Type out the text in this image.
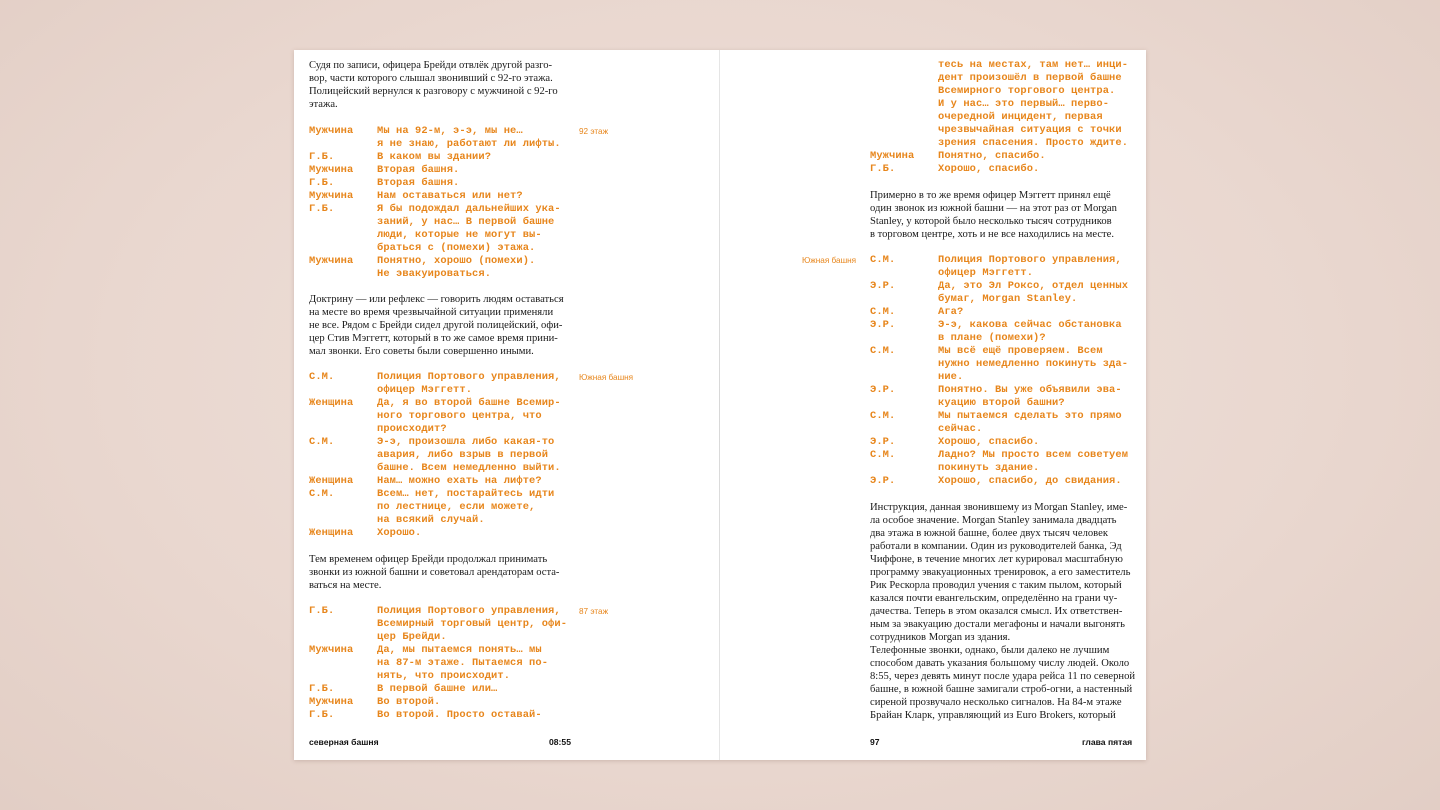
Судя по записи, офицера Брейди отвлёк другой разго-
вор, части которого слышал звонивший с 92-го этажа.
Полицейский вернулся к разговору с мужчиной с 92-го
этажа.
Мужчина	Мы на 92-м, э-э, мы не…
я не знаю, работают ли лифты.
Г.Б.	В каком вы здании?
Мужчина	Вторая башня.
Г.Б.	Вторая башня.
Мужчина	Нам оставаться или нет?
Г.Б.	Я бы подождал дальнейших ука-
заний, у нас… В первой башне
люди, которые не могут вы-
браться с (помехи) этажа.
Мужчина	Понятно, хорошо (помехи).
Не эвакуироваться.
92 этаж
Доктрину — или рефлекс — говорить людям оставаться
на месте во время чрезвычайной ситуации применяли
не все. Рядом с Брейди сидел другой полицейский, офи-
цер Стив Мэггетт, который в то же самое время прини-
мал звонки. Его советы были совершенно иными.
С.М.	Полиция Портового управления,
офицер Мэггетт.
Женщина	Да, я во второй башне Всемир-
ного торгового центра, что
происходит?
С.М.	Э-э, произошла либо какая-то
авария, либо взрыв в первой
башне. Всем немедленно выйти.
Женщина	Нам… можно ехать на лифте?
С.М.	Всем… нет, постарайтесь идти
по лестнице, если можете,
на всякий случай.
Женщина	Хорошо.
Южная башня
Тем временем офицер Брейди продолжал принимать
звонки из южной башни и советовал арендаторам оста-
ваться на месте.
Г.Б.	Полиция Портового управления,
Всемирный торговый центр, офи-
цер Брейди.
Мужчина	Да, мы пытаемся понять… мы
на 87-м этаже. Пытаемся по-
нять, что происходит.
Г.Б.	В первой башне или…
Мужчина	Во второй.
Г.Б.	Во второй. Просто оставай-
87 этаж
северная башня	08:55
тесь на местах, там нет… инци-
дент произошёл в первой башне
Всемирного торгового центра.
И у нас… это первый… перво-
очередной инцидент, первая
чрезвычайная ситуация с точки
зрения спасения. Просто ждите.
Мужчина	Понятно, спасибо.
Г.Б.	Хорошо, спасибо.
Примерно в то же время офицер Мэггетт принял ещё
один звонок из южной башни — на этот раз от Morgan
Stanley, у которой было несколько тысяч сотрудников
в торговом центре, хоть и не все находились на месте.
Южная башня С.М.	Полиция Портового управления,
офицер Мэггетт.
Э.Р.	Да, это Эл Роксо, отдел ценных
бумаг, Morgan Stanley.
С.М.	Ага?
Э.Р.	Э-э, какова сейчас обстановка
в плане (помехи)?
С.М.	Мы всё ещё проверяем. Всем
нужно немедленно покинуть зда-
ние.
Э.Р.	Понятно. Вы уже объявили эва-
куацию второй башни?
С.М.	Мы пытаемся сделать это прямо
сейчас.
Э.Р.	Хорошо, спасибо.
С.М.	Ладно? Мы просто всем советуем
покинуть здание.
Э.Р.	Хорошо, спасибо, до свидания.
Инструкция, данная звонившему из Morgan Stanley, име-
ла особое значение. Morgan Stanley занимала двадцать
два этажа в южной башне, более двух тысяч человек
работали в компании. Один из руководителей банка, Эд
Чиффоне, в течение многих лет курировал масштабную
программу эвакуационных тренировок, а его заместитель
Рик Рескорла проводил учения с таким пылом, который
казался почти евангельским, определённо на грани чу-
дачества. Теперь в этом оказался смысл. Их ответствен-
ным за эвакуацию достали мегафоны и начали выгонять
сотрудников Morgan из здания.
Телефонные звонки, однако, были далеко не лучшим
способом давать указания большому числу людей. Около
8:55, через девять минут после удара рейса 11 по северной
башне, в южной башне замигали строб-огни, а настенный
сиреной прозвучало несколько сигналов. На 84-м этаже
Брайан Кларк, управляющий из Euro Brokers, который
97	глава пятая
